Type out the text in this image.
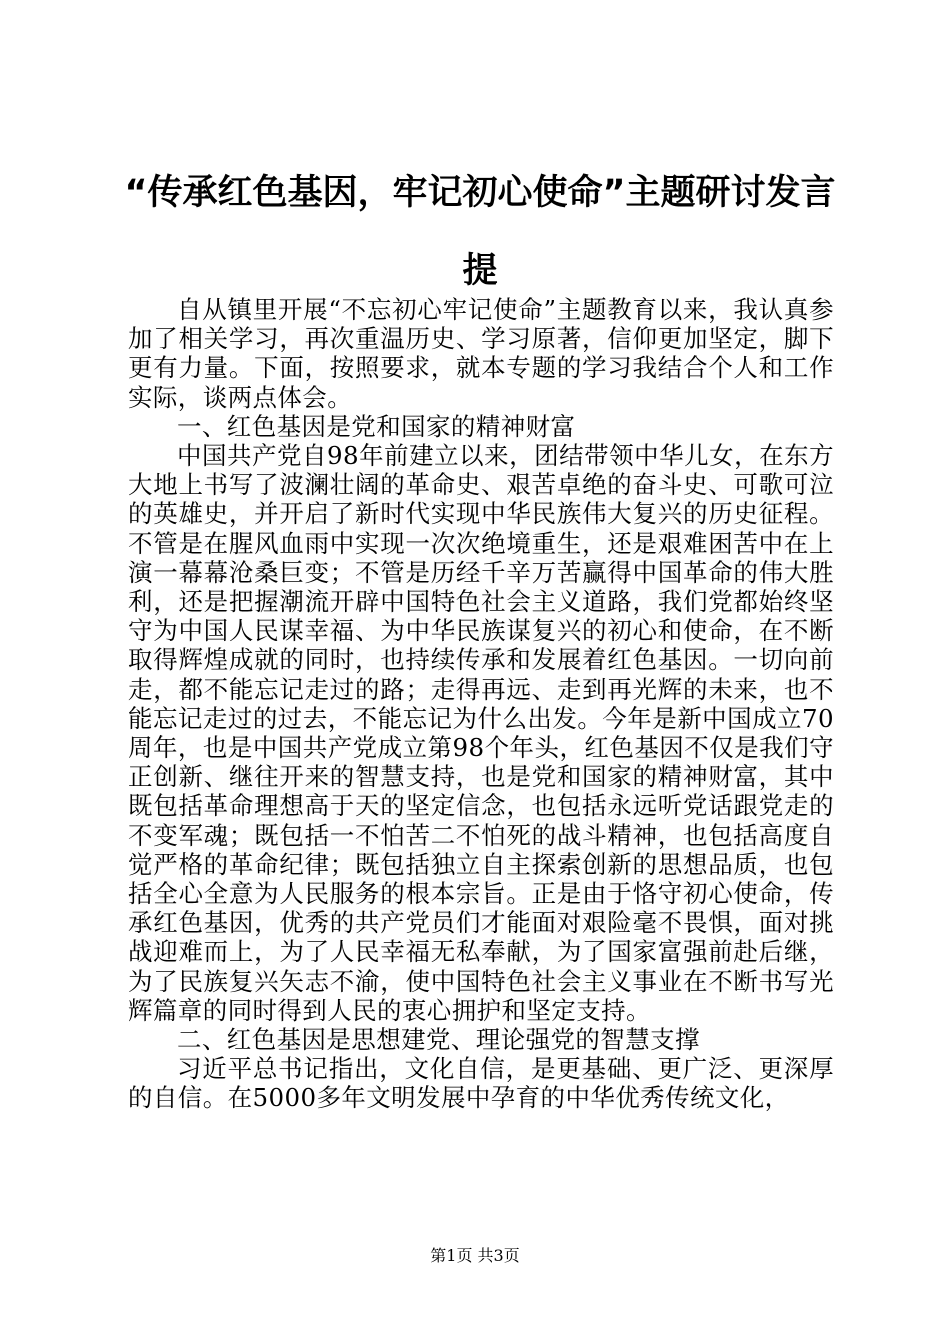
“传承红色基因，牢记初心使命”主题研讨发言提

自从镇里开展“不忘初心牢记使命”主题教育以来，我认真参加了相关学习，再次重温历史、学习原著，信仰更加坚定，脚下更有力量。下面，按照要求，就本专题的学习我结合个人和工作实际，谈两点体会。

一、红色基因是党和国家的精神财富

中国共产党自98年前建立以来，团结带领中华儿女，在东方大地上书写了波澜壮阔的革命史、艰苦卓绝的奋斗史、可歌可泣的英雄史，并开启了新时代实现中华民族伟大复兴的历史征程。不管是在腥风血雨中实现一次次绝境重生，还是艰难困苦中在上演一幕幕沧桑巨变；不管是历经千辛万苦赢得中国革命的伟大胜利，还是把握潮流开辟中国特色社会主义道路，我们党都始终坚守为中国人民谋幸福、为中华民族谋复兴的初心和使命，在不断取得辉煌成就的同时，也持续传承和发展着红色基因。一切向前走，都不能忘记走过的路；走得再远、走到再光辉的未来，也不能忘记走过的过去，不能忘记为什么出发。今年是新中国成立70周年，也是中国共产党成立第98个年头，红色基因不仅是我们守正创新、继往开来的智慧支持，也是党和国家的精神财富，其中既包括革命理想高于天的坚定信念，也包括永远听党话跟党走的不变军魂；既包括一不怕苦二不怕死的战斗精神，也包括高度自觉严格的革命纪律；既包括独立自主探索创新的思想品质，也包括全心全意为人民服务的根本宗旨。正是由于恪守初心使命，传承红色基因，优秀的共产党员们才能面对艰险毫不畏惧，面对挑战迎难而上，为了人民幸福无私奉献，为了国家富强前赴后继，为了民族复兴矢志不渝，使中国特色社会主义事业在不断书写光辉篇章的同时得到人民的衷心拥护和坚定支持。

二、红色基因是思想建党、理论强党的智慧支撑

习近平总书记指出，文化自信，是更基础、更广泛、更深厚的自信。在5000多年文明发展中孕育的中华优秀传统文化，

第1页 共3页
